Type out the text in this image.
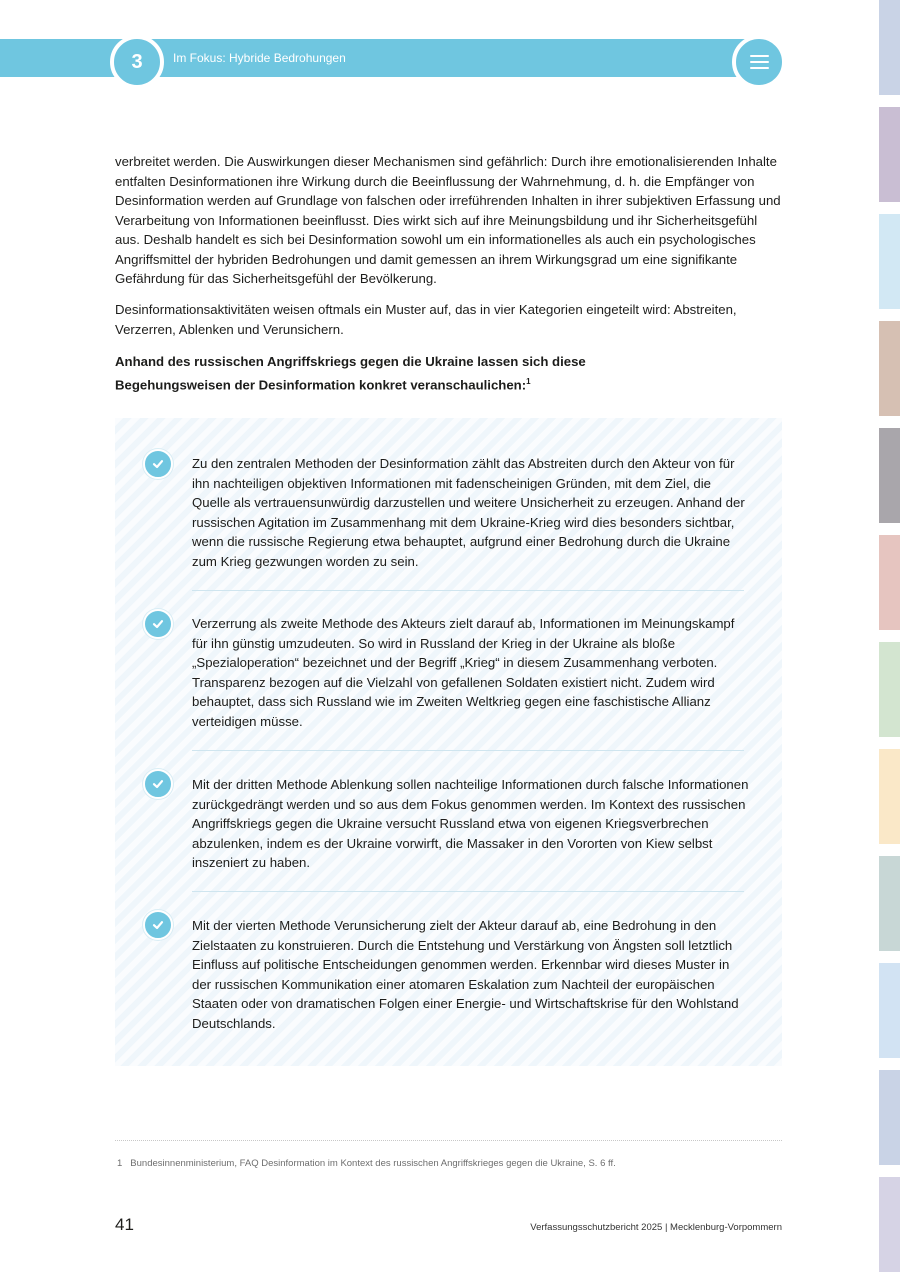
3	Im Fokus: Hybride Bedrohungen

verbreitet werden. Die Auswirkungen dieser Mechanismen sind gefährlich: Durch ihre emotionalisierenden Inhalte entfalten Desinformationen ihre Wirkung durch die Beeinflussung der Wahrnehmung, d. h. die Empfänger von Desinformation werden auf Grundlage von falschen oder irreführenden Inhalten in ihrer subjektiven Erfassung und Verarbeitung von Informationen beeinflusst. Dies wirkt sich auf ihre Meinungsbildung und ihr Sicherheitsgefühl aus. Deshalb handelt es sich bei Desinformation sowohl um ein informationelles als auch ein psychologisches Angriffsmittel der hybriden Bedrohungen und damit gemessen an ihrem Wirkungsgrad um eine signifikante Gefährdung für das Sicherheitsgefühl der Bevölkerung.

Desinformationsaktivitäten weisen oftmals ein Muster auf, das in vier Kategorien eingeteilt wird: Abstreiten, Verzerren, Ablenken und Verunsichern.

Anhand des russischen Angriffskriegs gegen die Ukraine lassen sich diese Begehungsweisen der Desinformation konkret veranschaulichen:$^1$
Zu den zentralen Methoden der Desinformation zählt das Abstreiten durch den Akteur von für ihn nachteiligen objektiven Informationen mit fadenscheinigen Gründen, mit dem Ziel, die Quelle als vertrauensunwürdig darzustellen und weitere Unsicherheit zu erzeugen. Anhand der russischen Agitation im Zusammenhang mit dem Ukraine-Krieg wird dies besonders sichtbar, wenn die russische Regierung etwa behauptet, aufgrund einer Bedrohung durch die Ukraine zum Krieg gezwungen worden zu sein.
Verzerrung als zweite Methode des Akteurs zielt darauf ab, Informationen im Meinungskampf für ihn günstig umzudeuten. So wird in Russland der Krieg in der Ukraine als bloße „Spezialoperation“ bezeichnet und der Begriff „Krieg“ in diesem Zusammenhang verboten. Transparenz bezogen auf die Vielzahl von gefallenen Soldaten existiert nicht. Zudem wird behauptet, dass sich Russland wie im Zweiten Weltkrieg gegen eine faschistische Allianz verteidigen müsse.
Mit der dritten Methode Ablenkung sollen nachteilige Informationen durch falsche Informationen zurückgedrängt werden und so aus dem Fokus genommen werden. Im Kontext des russischen Angriffskriegs gegen die Ukraine versucht Russland etwa von eigenen Kriegsverbrechen abzulenken, indem es der Ukraine vorwirft, die Massaker in den Vororten von Kiew selbst inszeniert zu haben.
Mit der vierten Methode Verunsicherung zielt der Akteur darauf ab, eine Bedrohung in den Zielstaaten zu konstruieren. Durch die Entstehung und Verstärkung von Ängsten soll letztlich Einfluss auf politische Entscheidungen genommen werden. Erkennbar wird dieses Muster in der russischen Kommunikation einer atomaren Eskalation zum Nachteil der europäischen Staaten oder von dramatischen Folgen einer Energie- und Wirtschaftskrise für den Wohlstand Deutschlands.
1 Bundesinnenministerium, FAQ Desinformation im Kontext des russischen Angriffskrieges gegen die Ukraine, S. 6 ff.
41	Verfassungsschutzbericht 2025 | Mecklenburg-Vorpommern
